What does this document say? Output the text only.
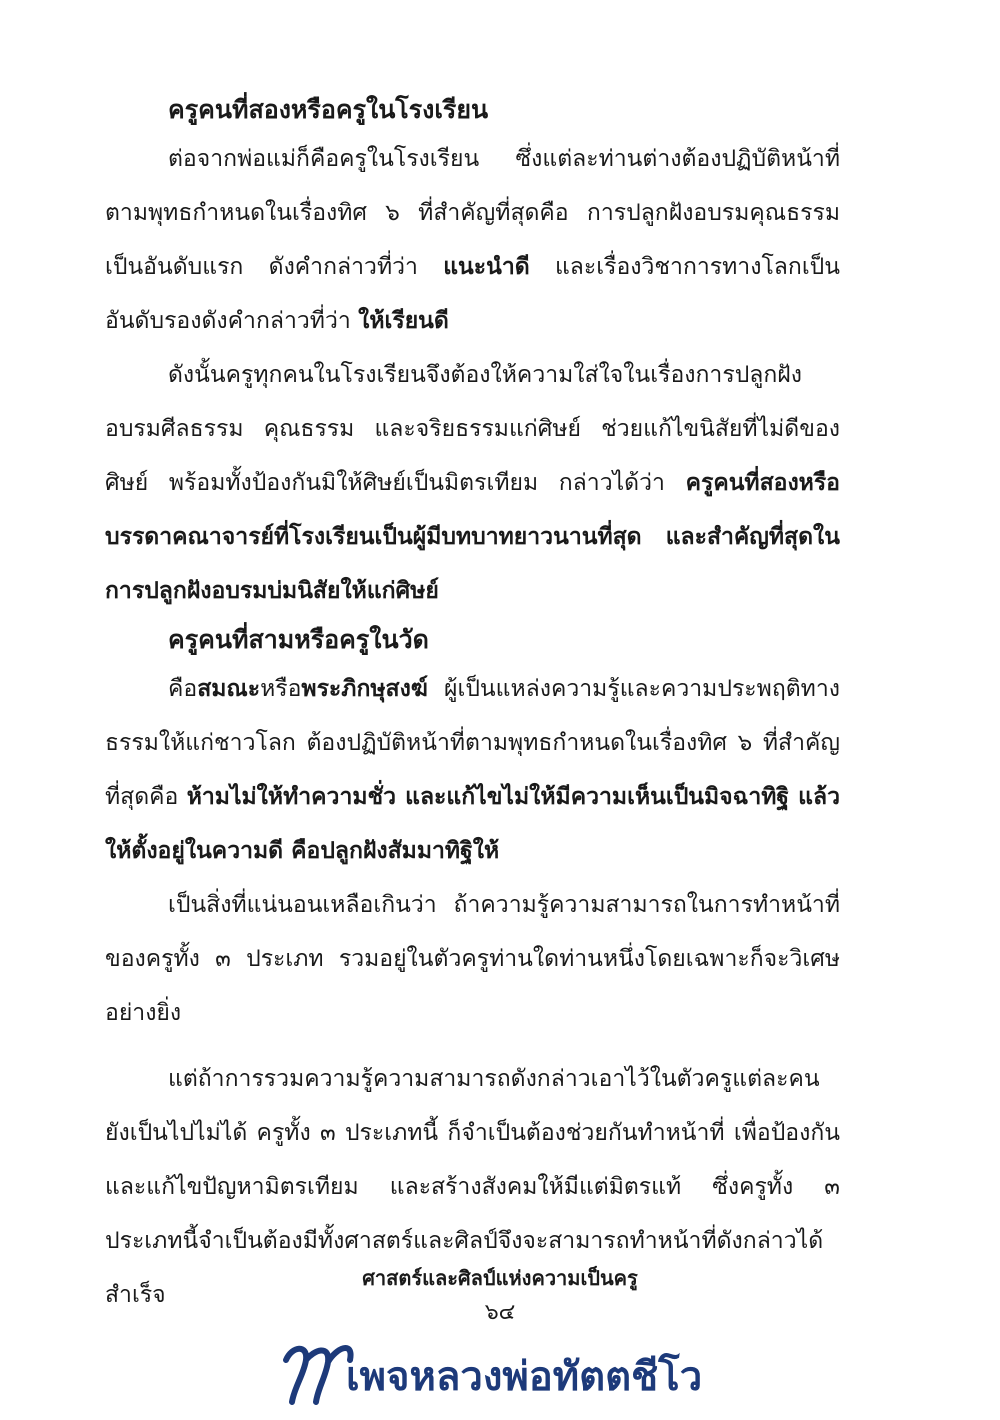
ครูคนที่สองหรือครูในโรงเรียน

ต่อจากพ่อแม่ก็คือครูในโรงเรียน ซึ่งแต่ละท่านต่างต้องปฏิบัติหน้าที่ตามพุทธกำหนดในเรื่องทิศ ๖ ที่สำคัญที่สุดคือ การปลูกฝังอบรมคุณธรรมเป็นอันดับแรก ดังคำกล่าวที่ว่า แนะนำดี และเรื่องวิชาการทางโลกเป็นอันดับรองดังคำกล่าวที่ว่า ให้เรียนดี

ดังนั้นครูทุกคนในโรงเรียนจึงต้องให้ความใส่ใจในเรื่องการปลูกฝังอบรมศีลธรรม คุณธรรม และจริยธรรมแก่ศิษย์ ช่วยแก้ไขนิสัยที่ไม่ดีของศิษย์ พร้อมทั้งป้องกันมิให้ศิษย์เป็นมิตรเทียม กล่าวได้ว่า ครูคนที่สองหรือบรรดาคณาจารย์ที่โรงเรียนเป็นผู้มีบทบาทยาวนานที่สุด และสำคัญที่สุดในการปลูกฝังอบรมบ่มนิสัยให้แก่ศิษย์

ครูคนที่สามหรือครูในวัด

คือสมณะหรือพระภิกษุสงฆ์ ผู้เป็นแหล่งความรู้และความประพฤติทางธรรมให้แก่ชาวโลก ต้องปฏิบัติหน้าที่ตามพุทธกำหนดในเรื่องทิศ ๖ ที่สำคัญที่สุดคือ ห้ามไม่ให้ทำความชั่ว และแก้ไขไม่ให้มีความเห็นเป็นมิจฉาทิฐิ แล้วให้ตั้งอยู่ในความดี คือปลูกฝังสัมมาทิฐิให้

เป็นสิ่งที่แน่นอนเหลือเกินว่า ถ้าความรู้ความสามารถในการทำหน้าที่ของครูทั้ง ๓ ประเภท รวมอยู่ในตัวครูท่านใดท่านหนึ่งโดยเฉพาะก็จะวิเศษอย่างยิ่ง

แต่ถ้าการรวมความรู้ความสามารถดังกล่าวเอาไว้ในตัวครูแต่ละคนยังเป็นไปไม่ได้ ครูทั้ง ๓ ประเภทนี้ ก็จำเป็นต้องช่วยกันทำหน้าที่ เพื่อป้องกันและแก้ไขปัญหามิตรเทียม และสร้างสังคมให้มีแต่มิตรแท้ ซึ่งครูทั้ง ๓ ประเภทนี้จำเป็นต้องมีทั้งศาสตร์และศิลป์จึงจะสามารถทำหน้าที่ดังกล่าวได้สำเร็จ

ศาสตร์และศิลป์แห่งความเป็นครู
๖๔
เพจหลวงพ่อทัตตชีโว
